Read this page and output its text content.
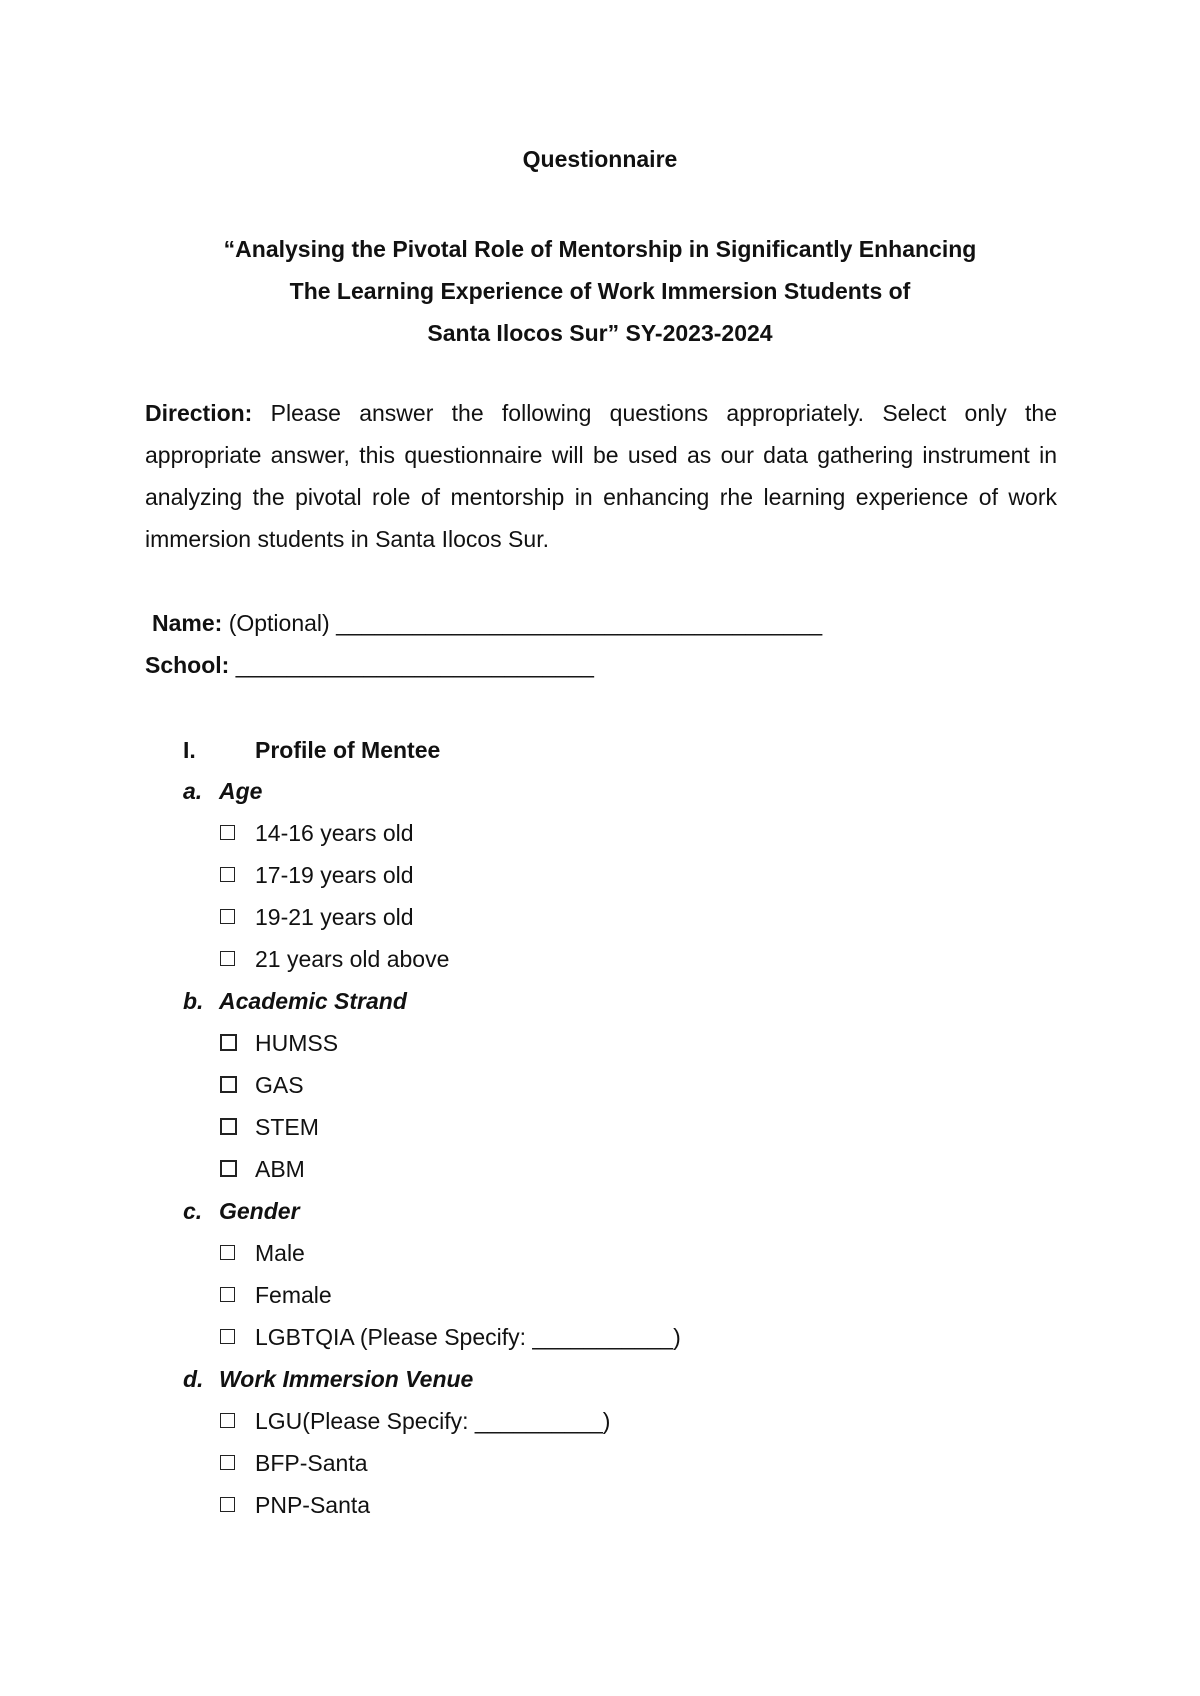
Questionnaire
“Analysing the Pivotal Role of Mentorship in Significantly Enhancing
The Learning Experience of Work Immersion Students of
Santa Ilocos Sur” SY-2023-2024
Direction: Please answer the following questions appropriately. Select only the appropriate answer, this questionnaire will be used as our data gathering instrument in analyzing the pivotal role of mentorship in enhancing rhe learning experience of work immersion students in Santa Ilocos Sur.
Name: (Optional) ______________________________________
School: ____________________________
I.	Profile of Mentee
a. Age
14-16 years old
17-19 years old
19-21 years old
21 years old above
b. Academic Strand
HUMSS
GAS
STEM
ABM
c. Gender
Male
Female
LGBTQIA (Please Specify: ___________)
d. Work Immersion Venue
LGU(Please Specify: __________)
BFP-Santa
PNP-Santa
